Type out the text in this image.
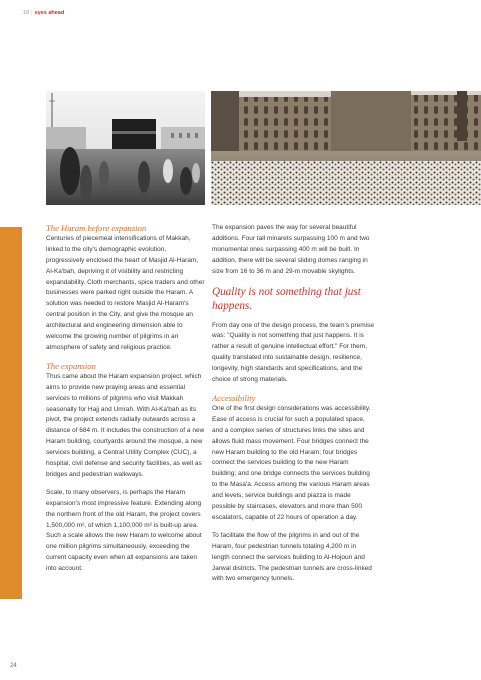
18 | eyes ahead
The Haram before expansion

Centuries of piecemeal intensifications of Makkah, linked to the city's demographic evolution, progressively enclosed the heart of Masjid Al-Haram, Al-Ka'bah, depriving it of visibility and restricting expandability. Cloth merchants, spice traders and other businesses were parked right outside the Haram. A solution was needed to restore Masjid Al-Haram's central position in the City, and give the mosque an architectural and engineering dimension able to welcome the growing number of pilgrims in an atmosphere of safety and religious practice.

The expansion

Thus came about the Haram expansion project, which aims to provide new praying areas and essential services to millions of pilgrims who visit Makkah seasonally for Hajj and Umrah. With Al-Ka'bah as its pivot, the project extends radially outwards across a distance of 684 m. It includes the construction of a new Haram building, courtyards around the mosque, a new services building, a Central Utility Complex (CUC), a hospital, civil defense and security facilities, as well as bridges and pedestrian walkways.

Scale, to many observers, is perhaps the Haram expansion's most impressive feature. Extending along the northern front of the old Haram, the project covers 1,500,000 m², of which 1,100,000 m² is built-up area. Such a scale allows the new Haram to welcome about one million pilgrims simultaneously, exceeding the current capacity even when all expansions are taken into account.

The expansion paves the way for several beautiful additions. Four tall minarets surpassing 100 m and two monumental ones surpassing 400 m will be built. In addition, there will be several sliding domes ranging in size from 16 to 36 m and 29-m movable skylights.

Quality is not something that just happens.

From day one of the design process, the team's premise was: "Quality is not something that just happens. It is rather a result of genuine intellectual effort." For them, quality translated into sustainable design, resilience, longevity, high standards and specifications, and the choice of strong materials.

Accessibility

One of the first design considerations was accessibility. Ease of access is crucial for such a populated space, and a complex series of structures links the sites and allows fluid mass movement. Four bridges connect the new Haram building to the old Haram; four bridges connect the services building to the new Haram building; and one bridge connects the services building to the Masa'a. Access among the various Haram areas and levels, service buildings and piazza is made possible by staircases, elevators and more than 500 escalators, capable of 22 hours of operation a day.

To facilitate the flow of the pilgrims in and out of the Haram, four pedestrian tunnels totaling 4,200 m in length connect the services building to Al-Hojoun and Jarwal districts. The pedestrian tunnels are cross-linked with two emergency tunnels.

24
